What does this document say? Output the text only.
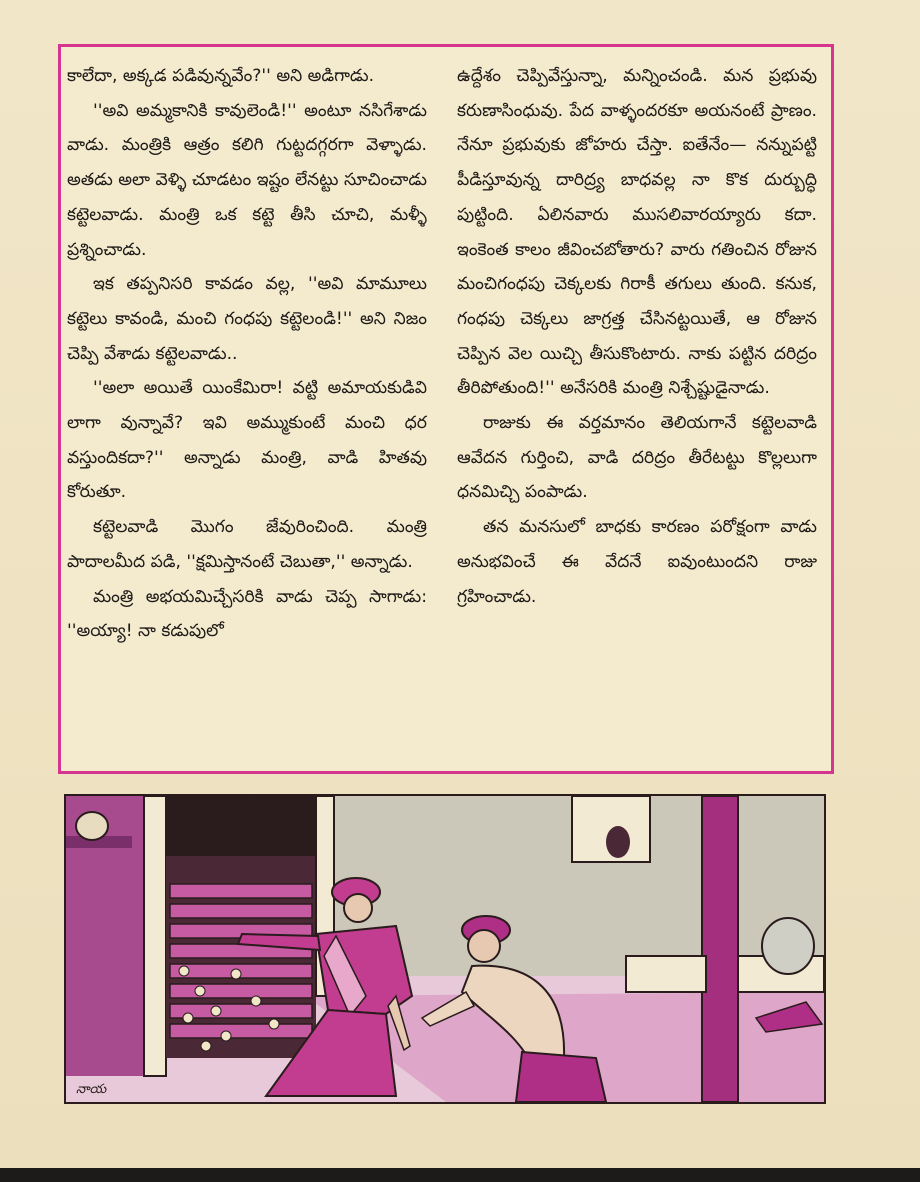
కాలేదా, అక్కడ పడివున్నవేం?'' అని అడిగాడు.

''అవి అమ్మకానికి కావులెండి!'' అంటూ నసిగేశాడు వాడు. మంత్రికి ఆత్రం కలిగి గుట్టదగ్గరగా వెళ్ళాడు. అతడు అలా వెళ్ళి చూడటం ఇష్టం లేనట్టు సూచించాడు కట్టెలవాడు. మంత్రి ఒక కట్టె తీసి చూచి, మళ్ళీ ప్రశ్నించాడు.

ఇక తప్పనిసరి కావడం వల్ల, ''అవి మామూలు కట్టెలు కావండి, మంచి గంధపు కట్టెలండి!'' అని నిజం చెప్పి వేశాడు కట్టెలవాడు..

''అలా అయితే యింకేమిరా! వట్టి అమాయకుడివి లాగా వున్నావే? ఇవి అమ్ముకుంటే మంచి ధర వస్తుందికదా?'' అన్నాడు మంత్రి, వాడి హితవు కోరుతూ.

కట్టెలవాడి మొగం జేవురించింది. మంత్రి పాదాలమీద పడి, ''క్షమిస్తానంటే చెబుతా,'' అన్నాడు.

మంత్రి అభయమిచ్చేసరికి వాడు చెప్ప సాగాడు: ''అయ్యా! నా కడుపులో

ఉద్దేశం చెప్పివేస్తున్నా, మన్నించండి. మన ప్రభువు కరుణాసింధువు. పేద వాళ్ళందరకూ అయనంటే ప్రాణం. నేనూ ప్రభువుకు జోహరు చేస్తా. ఐతేనేం— నన్నుపట్టి పీడిస్తూవున్న దారిద్ర్య బాధవల్ల నా కొక దుర్బుద్ధి పుట్టింది. ఏలినవారు ముసలివారయ్యారు కదా. ఇంకెంత కాలం జీవించబోతారు? వారు గతించిన రోజున మంచిగంధపు చెక్కలకు గిరాకీ తగులు తుంది. కనుక, గంధపు చెక్కలు జాగ్రత్త చేసినట్టయితే, ఆ రోజున చెప్పిన వెల యిచ్చి తీసుకొంటారు. నాకు పట్టిన దరిద్రం తీరిపోతుంది!'' అనేసరికి మంత్రి నిశ్చేష్టుడైనాడు.

రాజుకు ఈ వర్తమానం తెలియగానే కట్టెలవాడి ఆవేదన గుర్తించి, వాడి దరిద్రం తీరేటట్టు కొల్లలుగా ధనమిచ్చి పంపాడు.

తన మనసులో బాధకు కారణం పరోక్షంగా వాడు అనుభవించే ఈ వేదనే ఐవుంటుందని రాజు గ్రహించాడు.

నాయ
